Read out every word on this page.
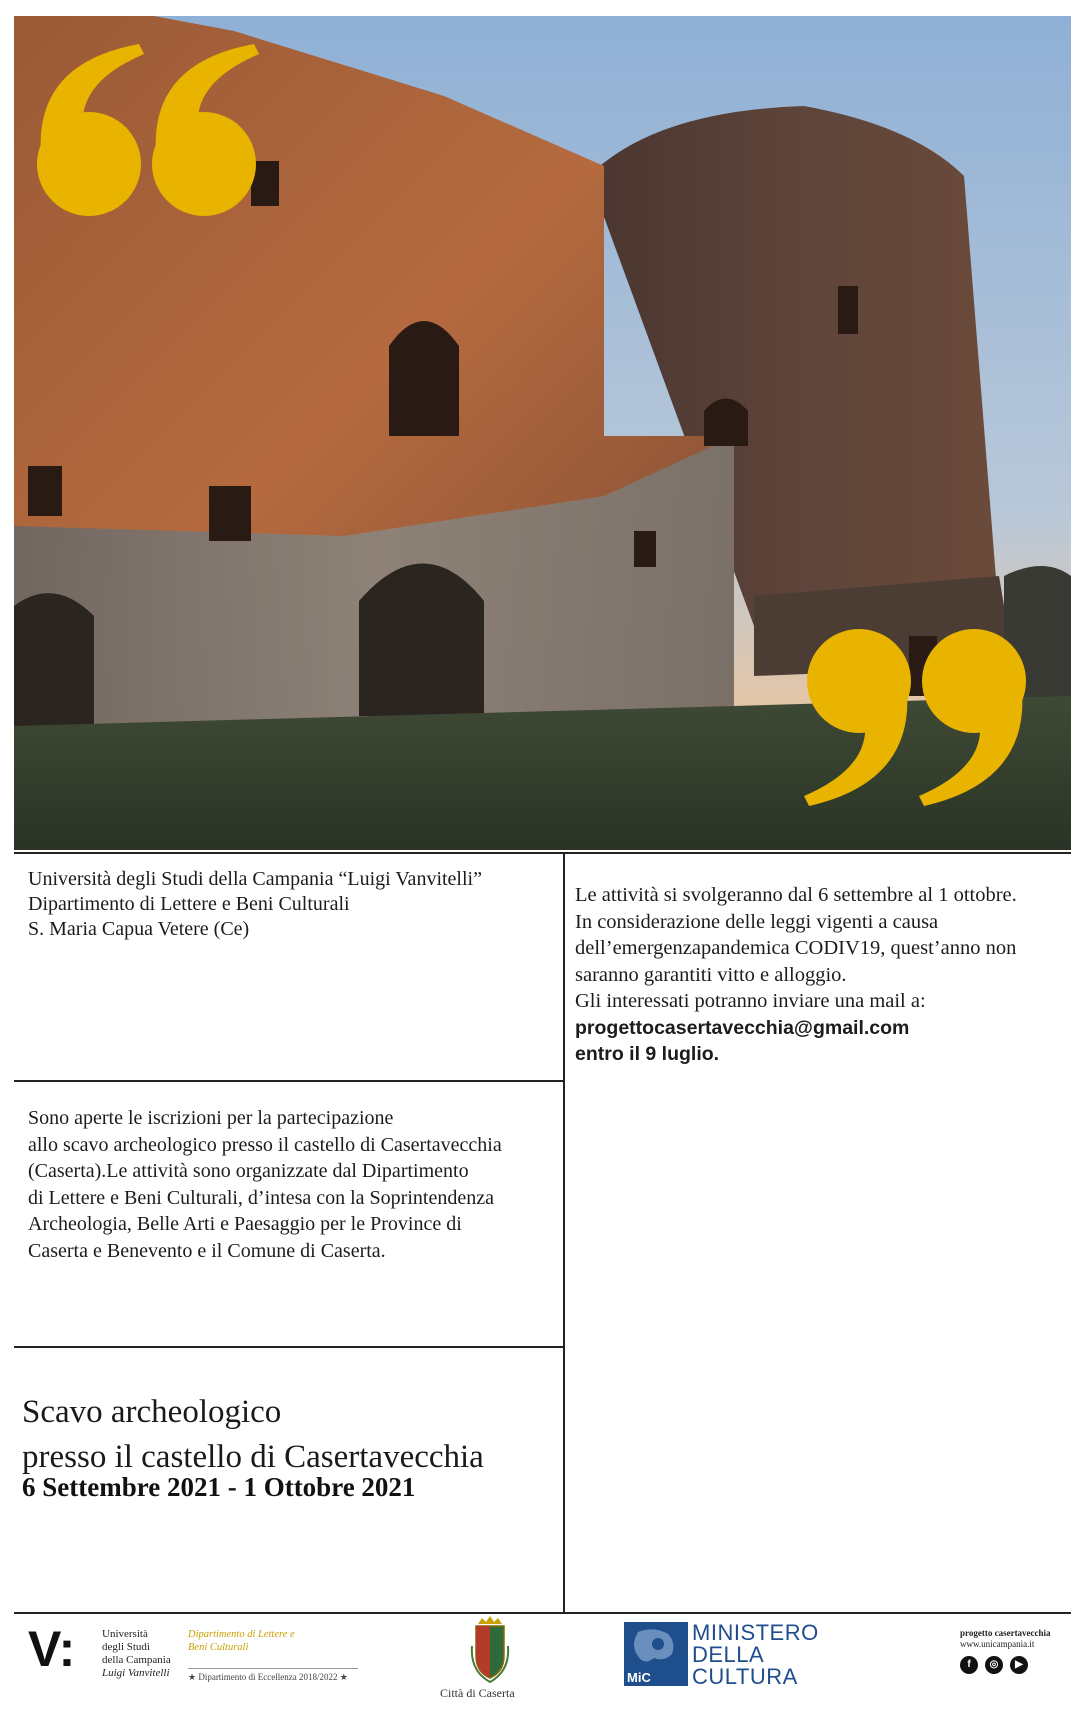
Università degli Studi della Campania “Luigi Vanvitelli”
Dipartimento di Lettere e Beni Culturali
S. Maria Capua Vetere (Ce)
Le attività si svolgeranno dal 6 settembre al 1 ottobre.
In considerazione delle leggi vigenti a causa
dell’emergenzapandemica CODIV19, quest’anno non
saranno garantiti vitto e alloggio.
Gli interessati potranno inviare una mail a:
progettocasertavecchia@gmail.com
entro il 9 luglio.
Sono aperte le iscrizioni per la partecipazione
allo scavo archeologico presso il castello di Casertavecchia
(Caserta).Le attività sono organizzate dal Dipartimento
di Lettere e Beni Culturali, d’intesa con la Soprintendenza
Archeologia, Belle Arti e Paesaggio per le Province di
Caserta e Benevento e il Comune di Caserta.
Scavo archeologico
presso il castello di Casertavecchia
6 Settembre 2021 - 1 Ottobre 2021
V: Università
degli Studi
della Campania
Luigi Vanvitelli
Dipartimento di Lettere e
Beni Culturali
★ Dipartimento di Eccellenza 2018/2022 ★
Città di Caserta
MiC
MINISTERO
DELLA
CULTURA
progetto casertavecchia
www.unicampania.it
f	◎	▶
